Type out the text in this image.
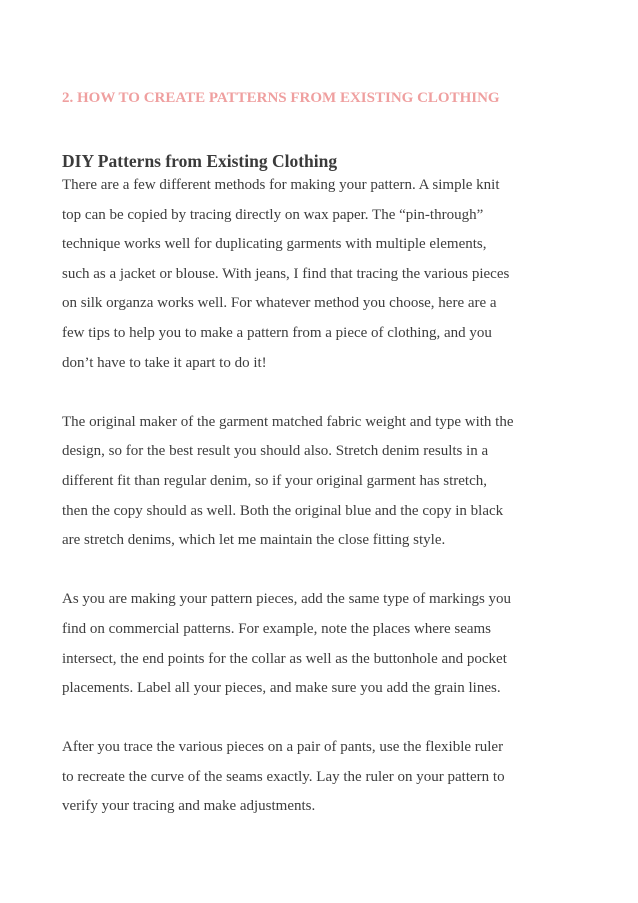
2. HOW TO CREATE PATTERNS FROM EXISTING CLOTHING
DIY Patterns from Existing Clothing

There are a few different methods for making your pattern. A simple knit
top can be copied by tracing directly on wax paper. The “pin-through”
technique works well for duplicating garments with multiple elements,
such as a jacket or blouse. With jeans, I find that tracing the various pieces
on silk organza works well. For whatever method you choose, here are a
few tips to help you to make a pattern from a piece of clothing, and you
don’t have to take it apart to do it!

The original maker of the garment matched fabric weight and type with the
design, so for the best result you should also. Stretch denim results in a
different fit than regular denim, so if your original garment has stretch,
then the copy should as well. Both the original blue and the copy in black
are stretch denims, which let me maintain the close fitting style.

As you are making your pattern pieces, add the same type of markings you
find on commercial patterns. For example, note the places where seams
intersect, the end points for the collar as well as the buttonhole and pocket
placements. Label all your pieces, and make sure you add the grain lines.

After you trace the various pieces on a pair of pants, use the flexible ruler
to recreate the curve of the seams exactly. Lay the ruler on your pattern to
verify your tracing and make adjustments.
